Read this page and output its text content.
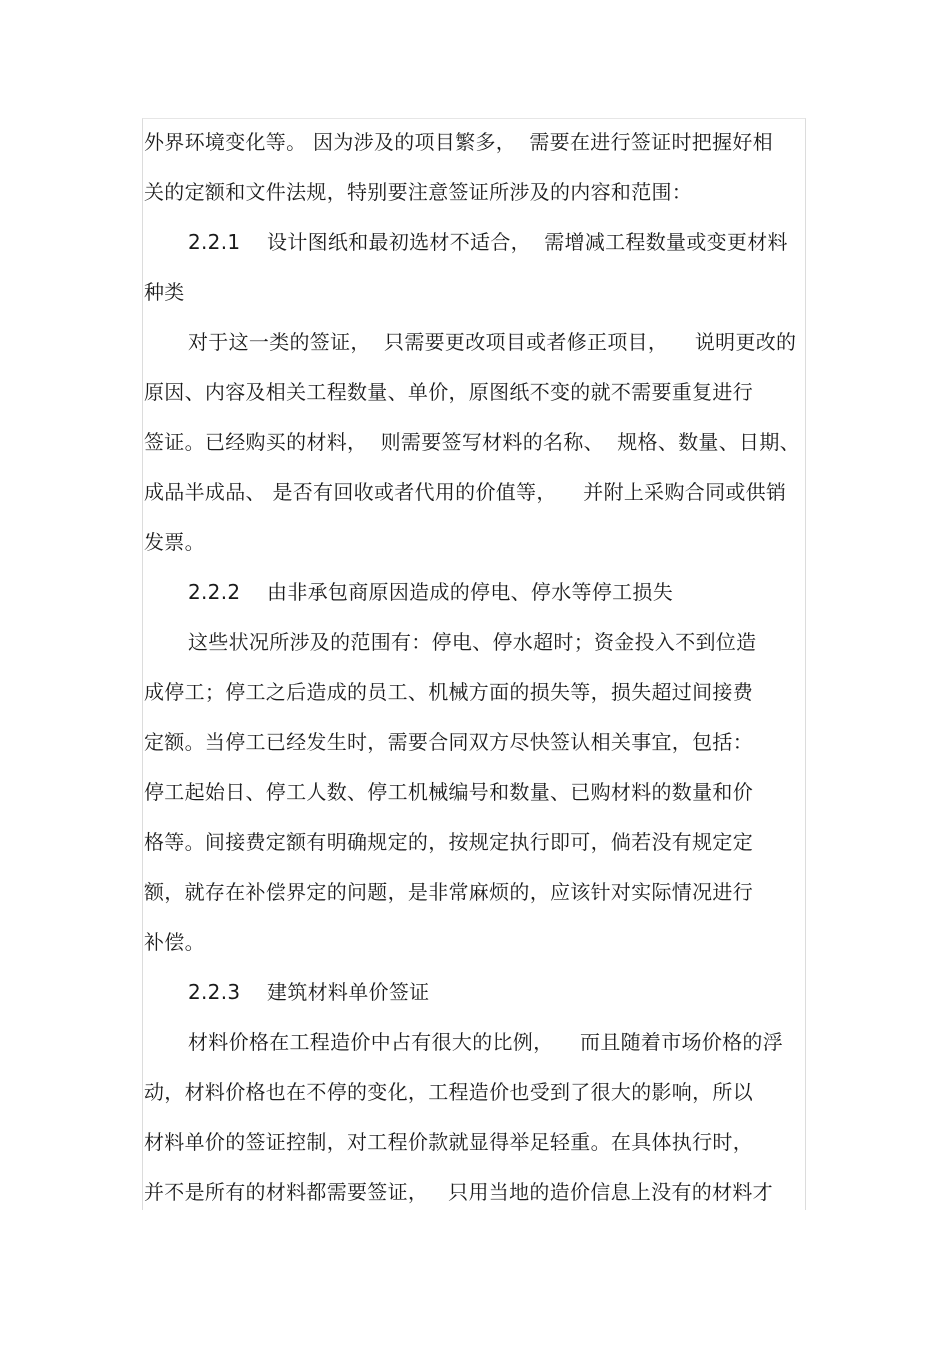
外界环境变化等。 因为涉及的项目繁多，  需要在进行签证时把握好相
关的定额和文件法规，特别要注意签证所涉及的内容和范围：
2.2.1    设计图纸和最初选材不适合，  需增减工程数量或变更材料
种类
对于这一类的签证，  只需要更改项目或者修正项目，    说明更改的
原因、内容及相关工程数量、单价，原图纸不变的就不需要重复进行
签证。已经购买的材料，  则需要签写材料的名称、  规格、数量、日期、
成品半成品、 是否有回收或者代用的价值等，    并附上采购合同或供销
发票。
2.2.2    由非承包商原因造成的停电、停水等停工损失
这些状况所涉及的范围有：停电、停水超时；资金投入不到位造
成停工；停工之后造成的员工、机械方面的损失等，损失超过间接费
定额。当停工已经发生时，需要合同双方尽快签认相关事宜，包括：
停工起始日、停工人数、停工机械编号和数量、已购材料的数量和价
格等。间接费定额有明确规定的，按规定执行即可，倘若没有规定定
额，就存在补偿界定的问题，是非常麻烦的，应该针对实际情况进行
补偿。
2.2.3    建筑材料单价签证
材料价格在工程造价中占有很大的比例，    而且随着市场价格的浮
动，材料价格也在不停的变化，工程造价也受到了很大的影响，所以
材料单价的签证控制，对工程价款就显得举足轻重。在具体执行时，
并不是所有的材料都需要签证，   只用当地的造价信息上没有的材料才
